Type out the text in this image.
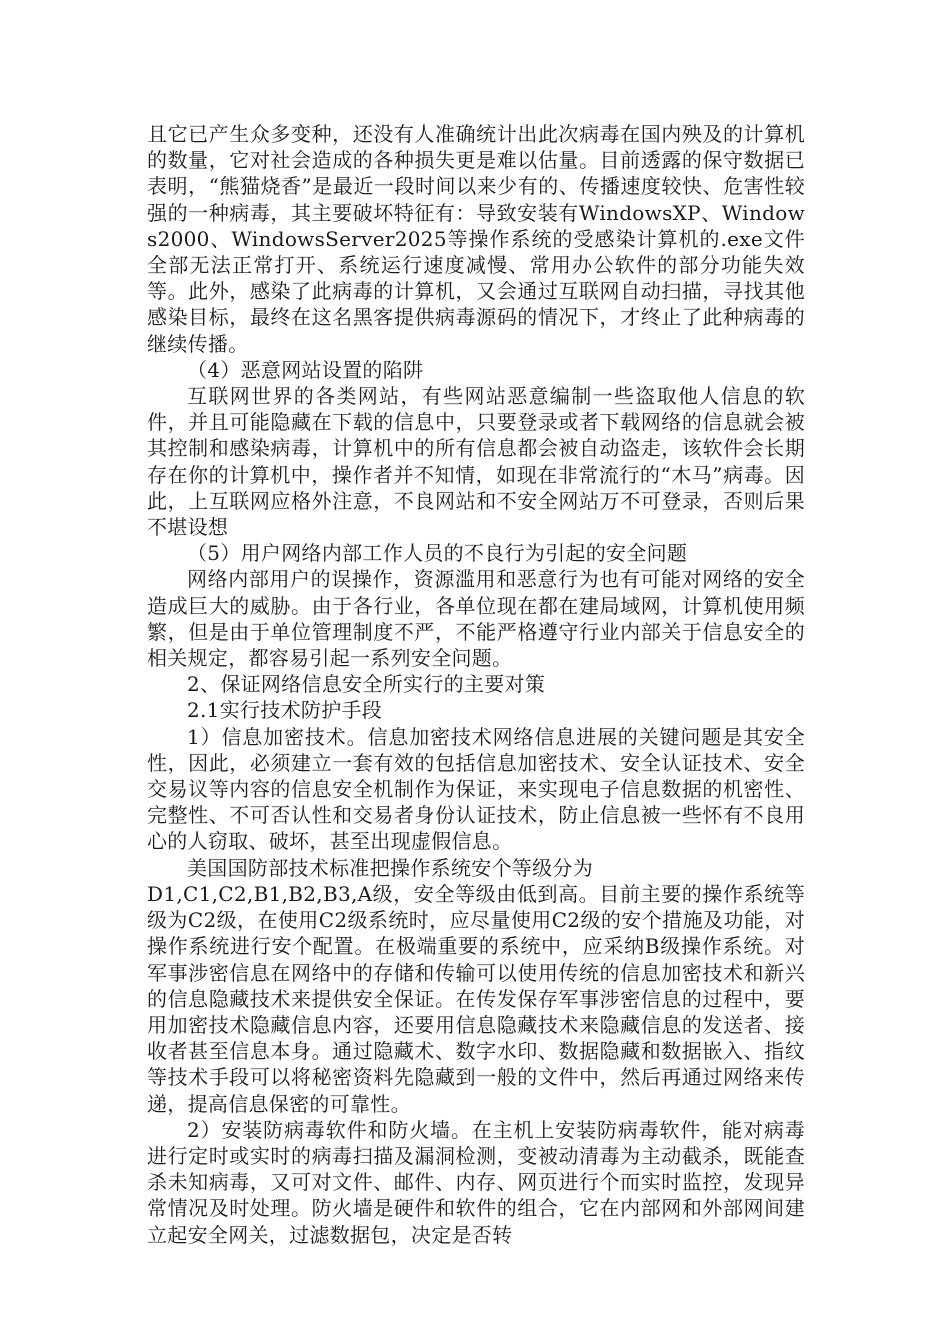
且它已产生众多变种，还没有人准确统计出此次病毒在国内殃及的计算机的数量，它对社会造成的各种损失更是难以估量。目前透露的保守数据已表明，“熊猫烧香”是最近一段时间以来少有的、传播速度较快、危害性较强的一种病毒，其主要破坏特征有：导致安装有WindowsXP、Windows2000、WindowsServer2025等操作系统的受感染计算机的.exe文件全部无法正常打开、系统运行速度减慢、常用办公软件的部分功能失效等。此外，感染了此病毒的计算机，又会通过互联网自动扫描，寻找其他感染目标，最终在这名黑客提供病毒源码的情况下，才终止了此种病毒的继续传播。

（4）恶意网站设置的陷阱

互联网世界的各类网站，有些网站恶意编制一些盗取他人信息的软件，并且可能隐藏在下载的信息中，只要登录或者下载网络的信息就会被其控制和感染病毒，计算机中的所有信息都会被自动盗走，该软件会长期存在你的计算机中，操作者并不知情，如现在非常流行的“木马”病毒。因此，上互联网应格外注意，不良网站和不安全网站万不可登录，否则后果不堪设想

（5）用户网络内部工作人员的不良行为引起的安全问题

网络内部用户的误操作，资源滥用和恶意行为也有可能对网络的安全造成巨大的威胁。由于各行业，各单位现在都在建局域网，计算机使用频繁，但是由于单位管理制度不严，不能严格遵守行业内部关于信息安全的相关规定，都容易引起一系列安全问题。

2、保证网络信息安全所实行的主要对策

2.1实行技术防护手段

1）信息加密技术。信息加密技术网络信息进展的关键问题是其安全性，因此，必须建立一套有效的包括信息加密技术、安全认证技术、安全交易议等内容的信息安全机制作为保证，来实现电子信息数据的机密性、完整性、不可否认性和交易者身份认证技术，防止信息被一些怀有不良用心的人窃取、破坏，甚至出现虚假信息。

美国国防部技术标准把操作系统安个等级分为

D1,C1,C2,B1,B2,B3,A级，安全等级由低到高。目前主要的操作系统等级为C2级，在使用C2级系统时，应尽量使用C2级的安个措施及功能，对操作系统进行安个配置。在极端重要的系统中，应采纳B级操作系统。对军事涉密信息在网络中的存储和传输可以使用传统的信息加密技术和新兴的信息隐藏技术来提供安全保证。在传发保存军事涉密信息的过程中，要用加密技术隐藏信息内容，还要用信息隐藏技术来隐藏信息的发送者、接收者甚至信息本身。通过隐藏术、数字水印、数据隐藏和数据嵌入、指纹等技术手段可以将秘密资料先隐藏到一般的文件中，然后再通过网络来传递，提高信息保密的可靠性。

2）安装防病毒软件和防火墙。在主机上安装防病毒软件，能对病毒进行定时或实时的病毒扫描及漏洞检测，变被动清毒为主动截杀，既能查杀未知病毒，又可对文件、邮件、内存、网页进行个而实时监控，发现异常情况及时处理。防火墙是硬件和软件的组合，它在内部网和外部网间建立起安全网关，过滤数据包，决定是否转
